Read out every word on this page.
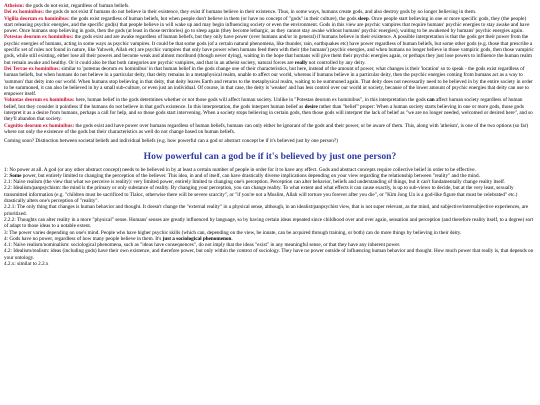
Atheism: the gods do not exist, regardless of human beliefs.

Dei ex hominibus: the gods do not exist if humans do not believe in their existence, they exist if humans believe in their existence. Thus, in some ways, humans create gods, and also destroy gods by no longer believing in them.

Vigilia deorum ex hominibus: the gods exist regardless of human beliefs, but when people don't believe in them (or have no concept of "gods" in their culture), the gods sleep. Once people start believing in one or more specific gods, they (the people) start releasing psychic energies, and the specific god(s) that people believe in will wake up and may begin influencing society or even the environment. Gods in this view are psychic vampires that require humans' psychic energies to stay awake and have power. Once humans stop believing in gods, then the gods (at least in those territories) go to sleep again (they become lethargic, as they cannot stay awake without humans' psychic energies), waiting to be awakened by humans' psychic energies again.

Potestas deorum ex hominibus: the gods exist and are awake regardless of human beliefs, but they only have power (over humans and/or in general) if humans believe in their existence. A possible interpretation is that the gods get their power from the psychic energies of humans, acting in some ways as psychic vampires. It could be that some gods (of a certain natural phenomena, like thunder, rain, earthquakes etc) have power regardless of human beliefs, but some other gods (e.g. those that prescribe a specific set of rules not found in nature, like Yahweh, Allah etc) are psychic vampires that only have power when humans feed them with their (the humans') psychic energies, and when humans no longer believe in those vampiric gods, then those vampiric gods, while still existing, either lose all their powers and become weak and almost moribund (though never dying), waiting in the hope that humans will give them their psychic energies again, or perhaps they just lose powers to influence the human realm but remain awake and healthy. Or it could also be that both categories are psychic vampires, and that in an atheist society, natural forces are really not controlled by any deity.

Dei Terrae ex hominibus: similar to 'potestas deorum ex hominibus' in that human belief in the gods change one of their characteristics, but here, instead of the amount of power, what changes is their 'location' so to speak - the gods exist regardless of human beliefs, but when humans do not believe in a particular deity, that deity remains in a metaphysical realm, unable to affect our world, whereas if humans believe in a particular deity, then the psychic energies coming from humans act as a way to 'summon' that deity into our world. When humans stop believing in that deity, that deity leaves Earth and returns to the metaphysical realm, waiting to be summoned again. That deity does not necessarily need to be believed in by the entire society in order to be summoned, it can also be believed in by a small sub-culture, or even just an individual. Of course, in that case, the deity is 'weaker' and has less control over our world or society, because of the lower amount of psychic energies that deity can use to empower itself.

Voluntas deorum ex hominibus: here, human belief in the gods determines whether or not those gods will affect human society. Unlike in "Potestas deorum ex hominibus", in this interpretation the gods can affect human society regardless of human belief, but they consider it pointless if the humans do not believe in that god's existence. In this interpretation, the gods interpret human belief as desire rather than "belief" proper: When a human society starts believing in one or more gods, those gods interpret it as a desire from humans, perhaps a call for help, and so those gods start intervening. When a society stops believing in certain gods, then those gods will interpret the lack of belief as "we are no longer needed, welcomed or desired here", and so they'll abandon that society.

Cognitio deorum ex hominibus: the gods exist and have power over humans regardless of human beliefs, humans can only either be ignorant of the gods and their power, or be aware of them. This, along with 'atheism', is one of the two options (so far) where not only the existence of the gods but their characteristics as well do not change based on human beliefs.

Coming soon? Distinction between societal beliefs and individual beliefs (e.g. how powerful can a god or abstract concept be if it's believed just by one person?)

How powerful can a god be if it's believed by just one person?

1: No power at all. A god (or any other abstract concept) needs to be believed in by at least a certain number of people in order for it to have any effect. Gods and abstract concepts require collective belief in order to be effective.

2: Some power, but entirely limited to changing the perception of the believer. This idea, in and of itself, can have drastically diverse implications depending on your view regarding the relationship between "reality" and the mind.

2.1: Naive realism (the view that what we perceive is reality): very limited power, entirely limited to changing one's perception. Perception can alter behavior, beliefs and understanding of things, but it can't fundamentally change reality itself.

2.2: Idealism/panpsychism: the mind is the primary or only substance of reality. By changing your perception, you can change reality. To what extent and what effects it can cause exactly, is up to sub-views to decide, but at the very least, sexually transmitted information (e.g. "children must be sacrificed to Tlaloc, otherwise there will be severe scarcity", or "if you're not a Muslim, Allah will torture you forever after you die", or "Kim Jong Un is a god-like figure that must be celebrated" etc.) drastically alters one's perception of "reality".

2.2.1: The only thing that changes is human behavior and thought. It doesn't change the "external reality" in a physical sense, although, in an idealist/panpsychist view, that is not super relevant, as the mind, and subjective/intersubjective experiences, are prioritized.

2.2.2: Thoughts can alter reality in a more "physical" sense. Humans' senses are greatly influenced by language, so by having certain ideas repeated since childhood over and over again, sensation and perception (and therefore reality itself, to a degree) sort of adapt to those ideas to a notable extent.

3: The power varies depending on one's mind. People who have higher psychic skills (which can, depending on the view, be innate, can be acquired through training, or both) can do more things by believing in their deity.

4: Gods have no power, regardless of how many people believe in them. It's just a sociological phenomenon.

4.1: Naive realism/nominalism: sociological phenomena, such as "ideas have consequences", do not imply that the ideas "exist" in any meaningful sense, or that they have any inherent power.

4.2: Idealism/realism: ideas (including gods) have their own existence, and therefore power, but only within the context of sociology. They have no power outside of influencing human behavior and thought. How much power that really is, that depends on your ontology.

4.2.x: similar to 2.2.x
